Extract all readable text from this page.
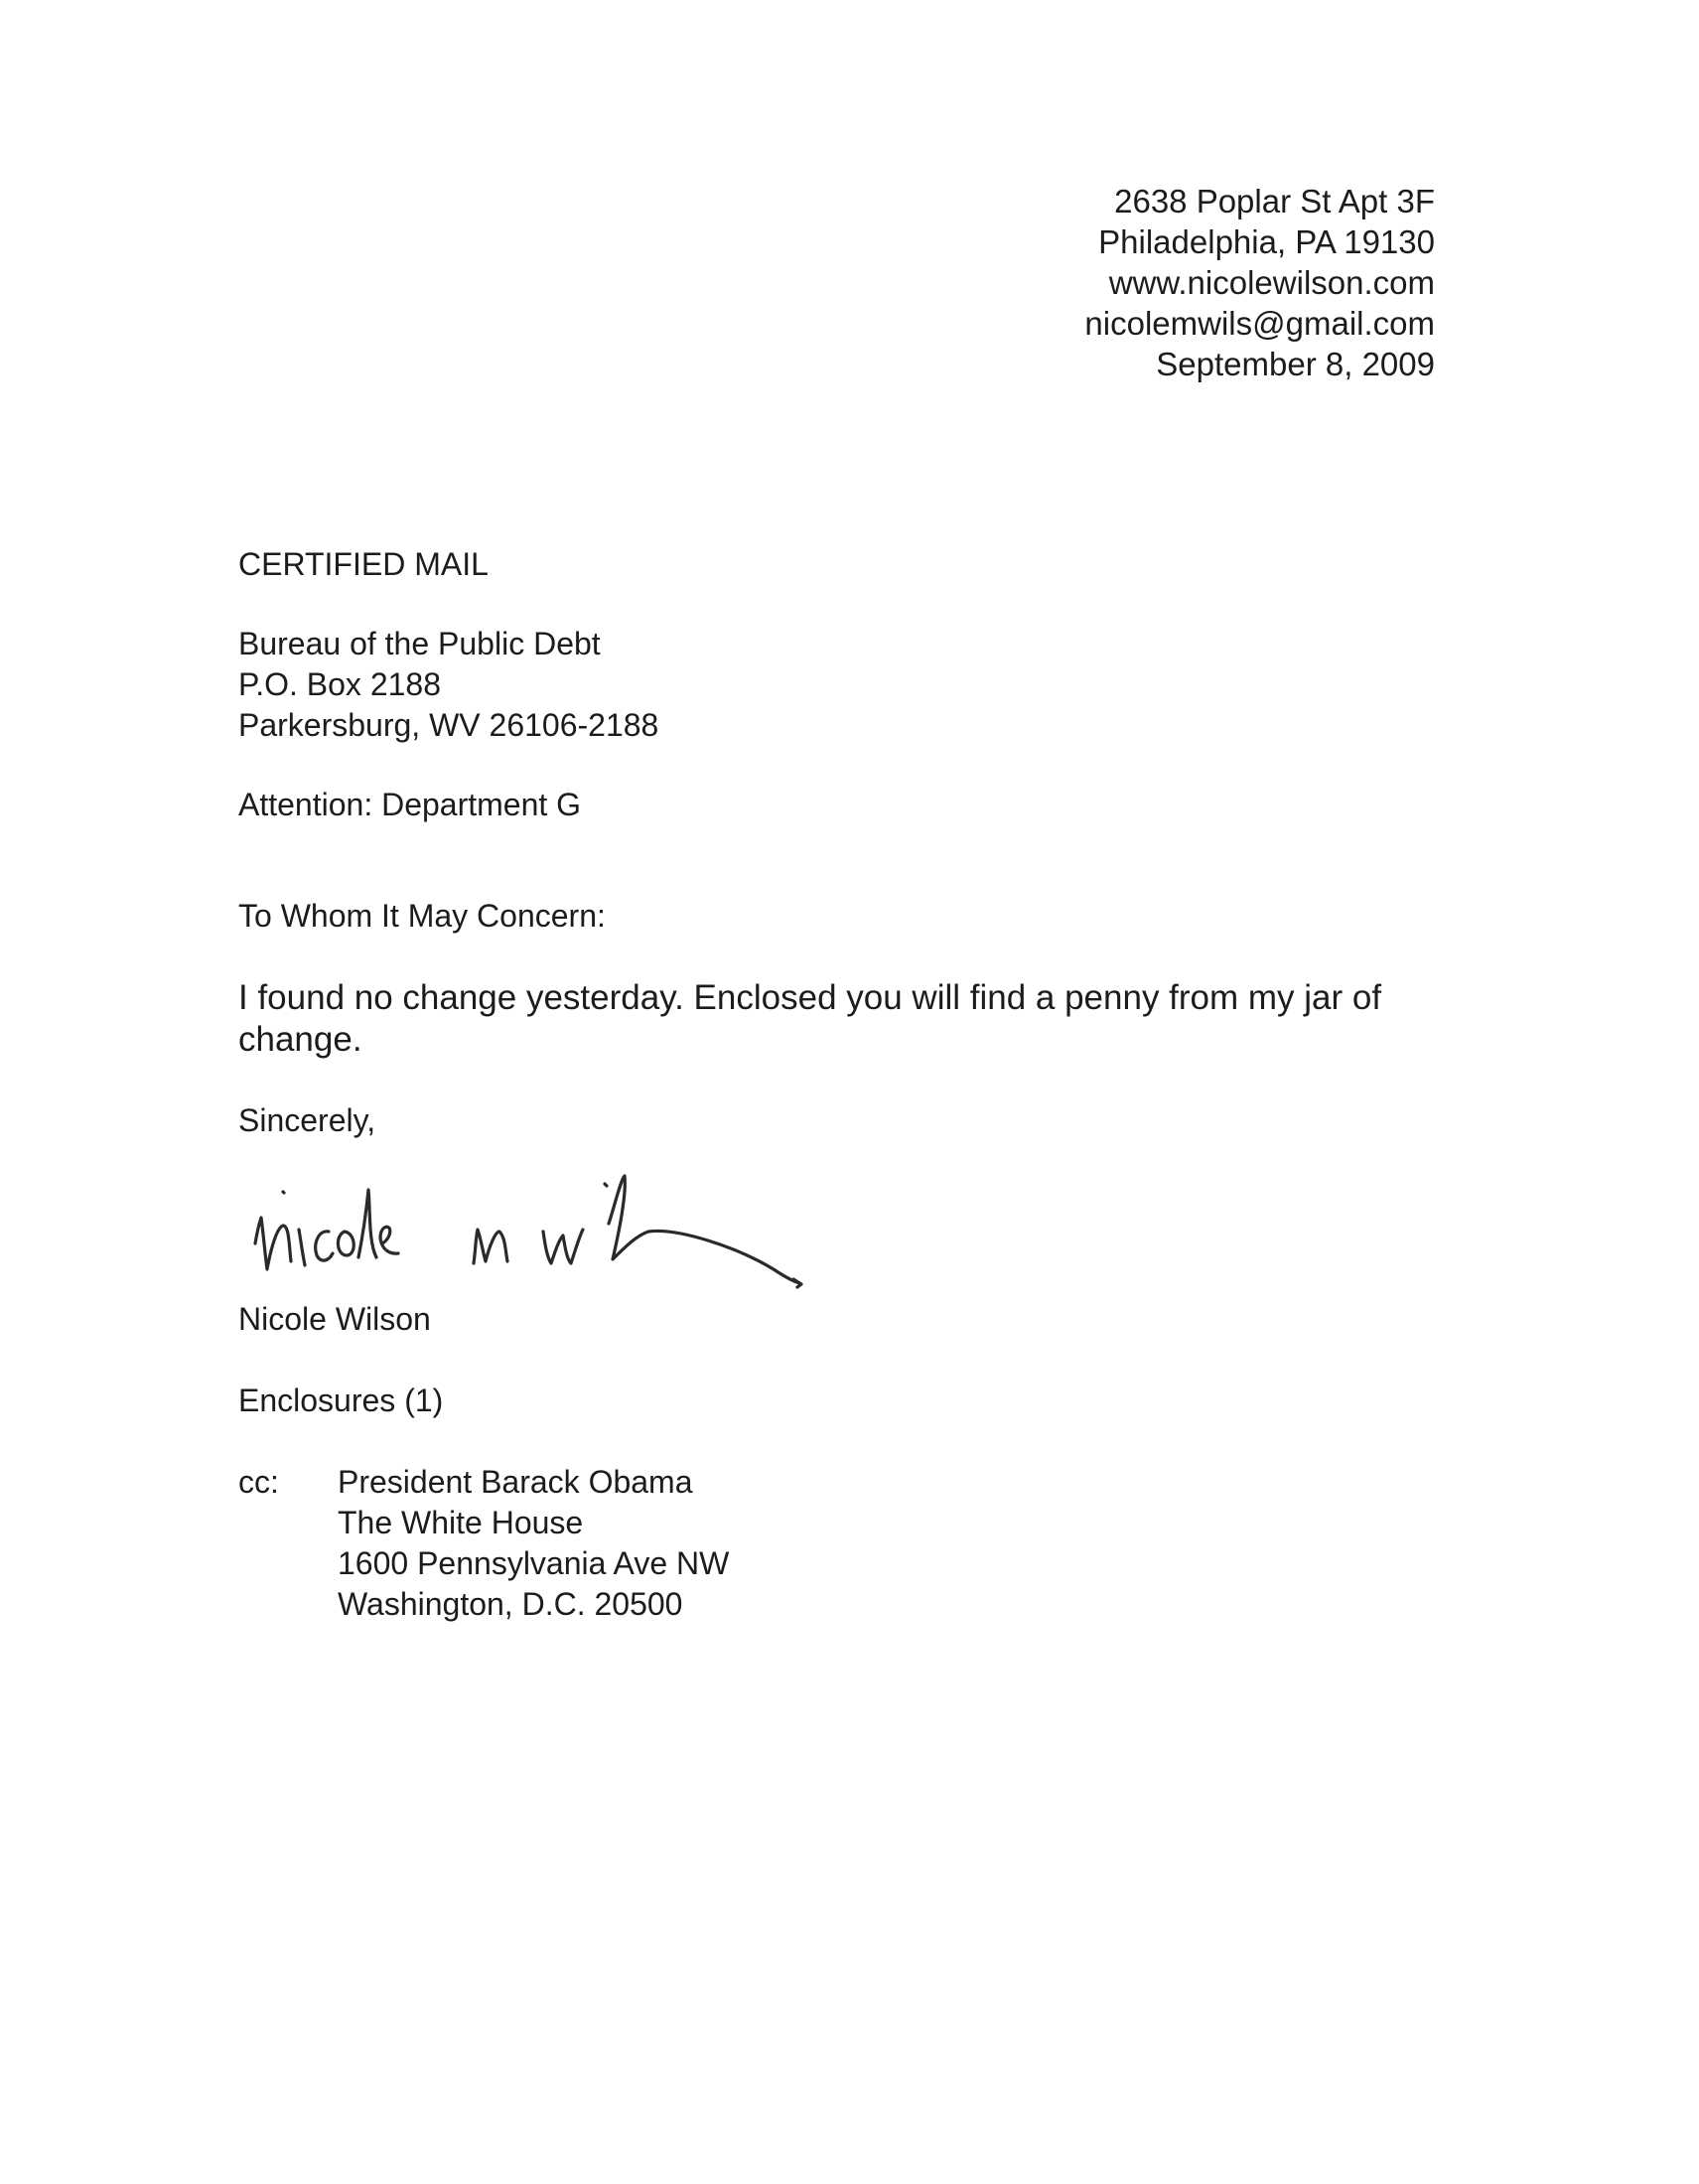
2638 Poplar St Apt 3F
Philadelphia, PA 19130
www.nicolewilson.com
nicolemwils@gmail.com
September 8, 2009
CERTIFIED MAIL
Bureau of the Public Debt
P.O. Box 2188
Parkersburg, WV 26106-2188
Attention: Department G
To Whom It May Concern:
I found no change yesterday. Enclosed you will find a penny from my jar of
change.
Sincerely,
Nicole Wilson
Enclosures (1)
cc: President Barack Obama
The White House
1600 Pennsylvania Ave NW
Washington, D.C. 20500
